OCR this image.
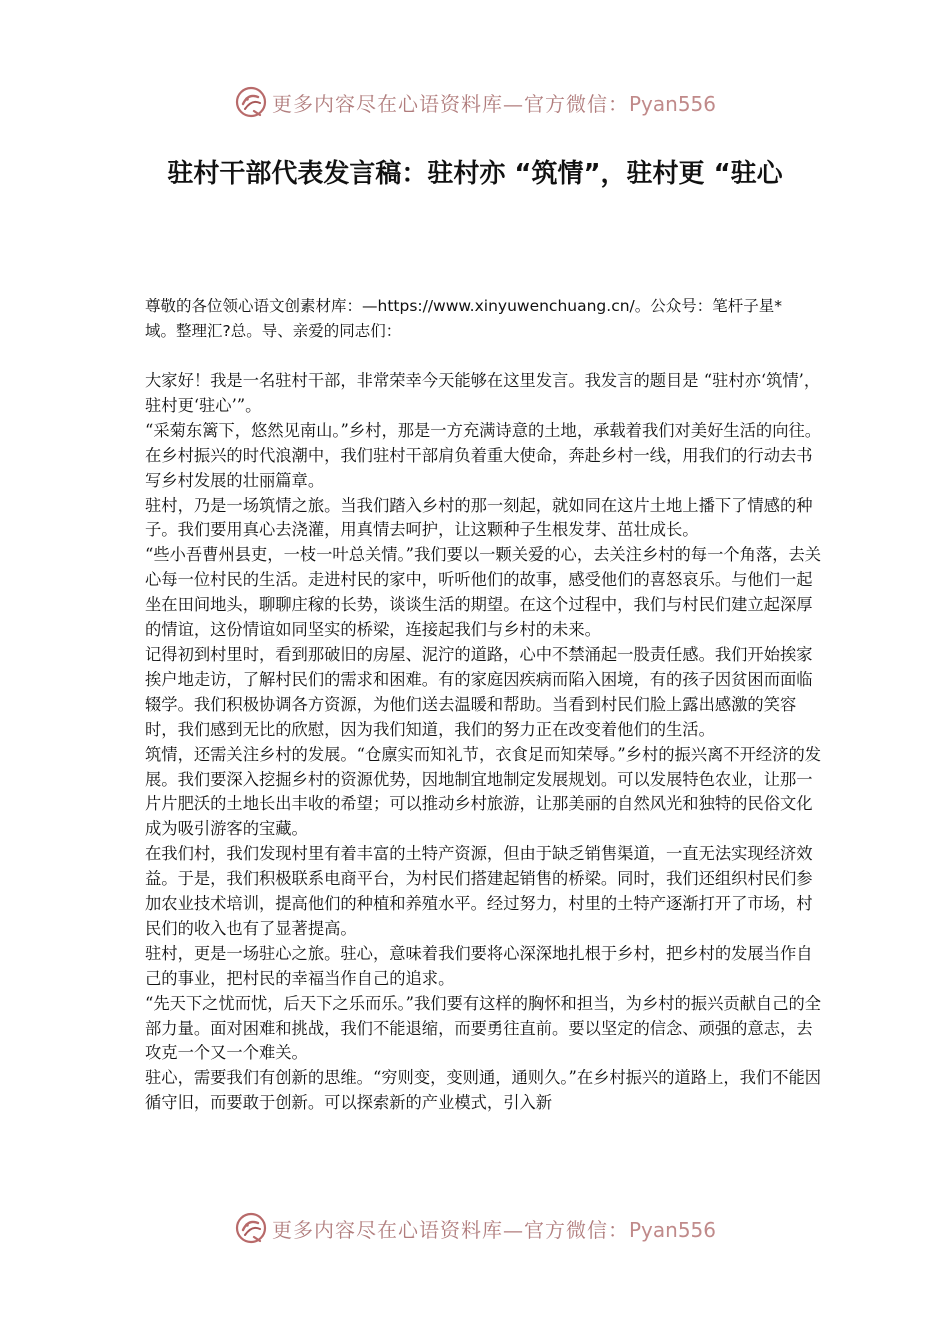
更多内容尽在心语资料库—官方微信：Pyan556
驻村干部代表发言稿：驻村亦 “筑情”，驻村更 “驻心
尊敬的各位领心语文创素材库：—https://www.xinyuwenchuang.cn/。公众号：笔杆子星*域。整理汇?总。导、亲爱的同志们：

大家好！我是一名驻村干部，非常荣幸今天能够在这里发言。我发言的题目是 “驻村亦‘筑情’，驻村更‘驻心’”。

“采菊东篱下，悠然见南山。”乡村，那是一方充满诗意的土地，承载着我们对美好生活的向往。在乡村振兴的时代浪潮中，我们驻村干部肩负着重大使命，奔赴乡村一线，用我们的行动去书写乡村发展的壮丽篇章。

驻村，乃是一场筑情之旅。当我们踏入乡村的那一刻起，就如同在这片土地上播下了情感的种子。我们要用真心去浇灌，用真情去呵护，让这颗种子生根发芽、茁壮成长。

“些小吾曹州县吏，一枝一叶总关情。”我们要以一颗关爱的心，去关注乡村的每一个角落，去关心每一位村民的生活。走进村民的家中，听听他们的故事，感受他们的喜怒哀乐。与他们一起坐在田间地头，聊聊庄稼的长势，谈谈生活的期望。在这个过程中，我们与村民们建立起深厚的情谊，这份情谊如同坚实的桥梁，连接起我们与乡村的未来。

记得初到村里时，看到那破旧的房屋、泥泞的道路，心中不禁涌起一股责任感。我们开始挨家挨户地走访，了解村民们的需求和困难。有的家庭因疾病而陷入困境，有的孩子因贫困而面临辍学。我们积极协调各方资源，为他们送去温暖和帮助。当看到村民们脸上露出感激的笑容时，我们感到无比的欣慰，因为我们知道，我们的努力正在改变着他们的生活。

筑情，还需关注乡村的发展。“仓廪实而知礼节，衣食足而知荣辱。”乡村的振兴离不开经济的发展。我们要深入挖掘乡村的资源优势，因地制宜地制定发展规划。可以发展特色农业，让那一片片肥沃的土地长出丰收的希望；可以推动乡村旅游，让那美丽的自然风光和独特的民俗文化成为吸引游客的宝藏。

在我们村，我们发现村里有着丰富的土特产资源，但由于缺乏销售渠道，一直无法实现经济效益。于是，我们积极联系电商平台，为村民们搭建起销售的桥梁。同时，我们还组织村民们参加农业技术培训，提高他们的种植和养殖水平。经过努力，村里的土特产逐渐打开了市场，村民们的收入也有了显著提高。

驻村，更是一场驻心之旅。驻心，意味着我们要将心深深地扎根于乡村，把乡村的发展当作自己的事业，把村民的幸福当作自己的追求。

“先天下之忧而忧，后天下之乐而乐。”我们要有这样的胸怀和担当，为乡村的振兴贡献自己的全部力量。面对困难和挑战，我们不能退缩，而要勇往直前。要以坚定的信念、顽强的意志，去攻克一个又一个难关。

驻心，需要我们有创新的思维。“穷则变，变则通，通则久。”在乡村振兴的道路上，我们不能因循守旧，而要敢于创新。可以探索新的产业模式，引入新

更多内容尽在心语资料库—官方微信：Pyan556
